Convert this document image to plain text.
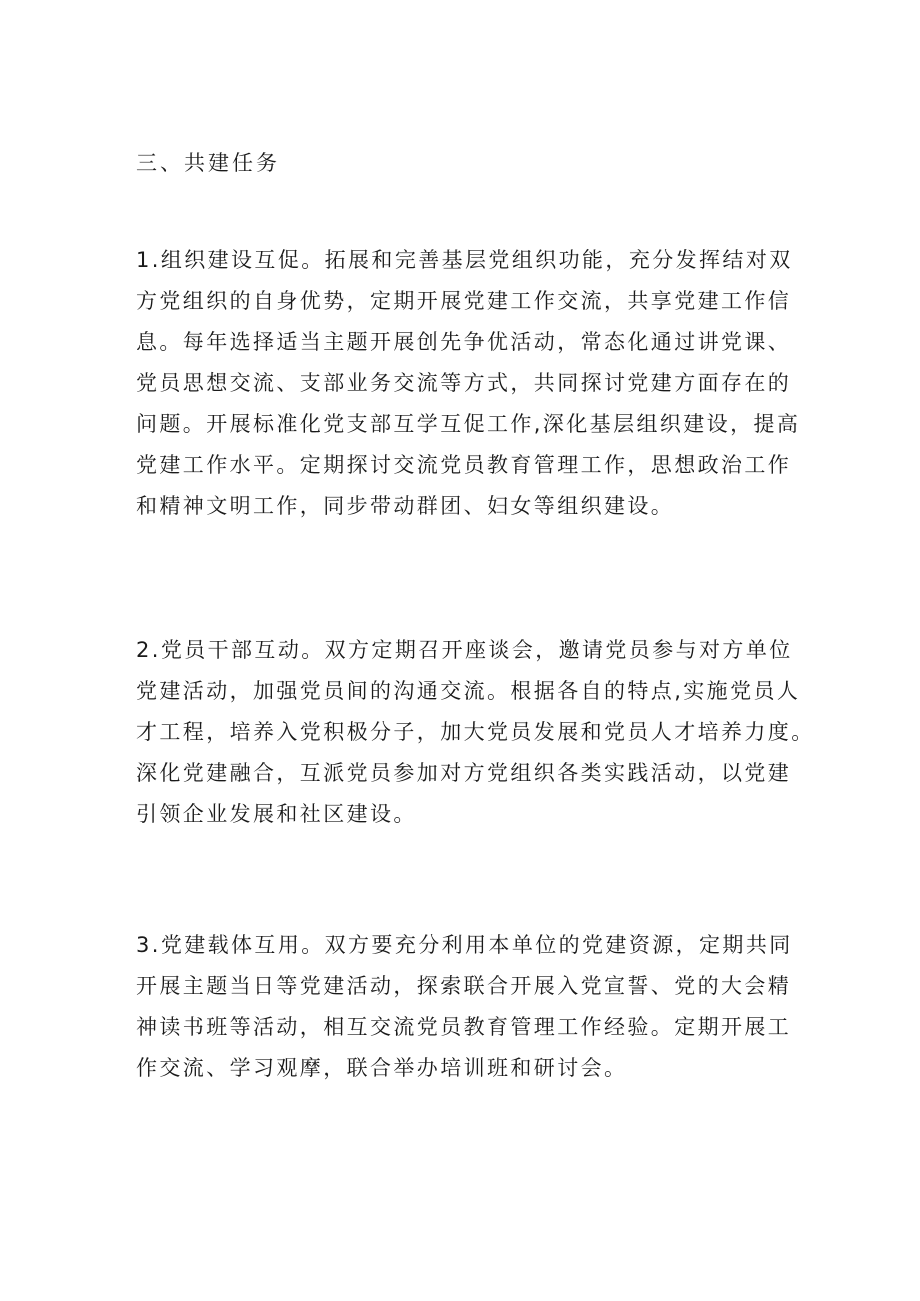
三、共建任务
1.组织建设互促。拓展和完善基层党组织功能，充分发挥结对双
方党组织的自身优势，定期开展党建工作交流，共享党建工作信
息。每年选择适当主题开展创先争优活动，常态化通过讲党课、
党员思想交流、支部业务交流等方式，共同探讨党建方面存在的
问题。开展标准化党支部互学互促工作,深化基层组织建设，提高
党建工作水平。定期探讨交流党员教育管理工作，思想政治工作
和精神文明工作，同步带动群团、妇女等组织建设。
2.党员干部互动。双方定期召开座谈会，邀请党员参与对方单位
党建活动，加强党员间的沟通交流。根据各自的特点,实施党员人
才工程，培养入党积极分子，加大党员发展和党员人才培养力度。
深化党建融合，互派党员参加对方党组织各类实践活动，以党建
引领企业发展和社区建设。
3.党建载体互用。双方要充分利用本单位的党建资源，定期共同
开展主题当日等党建活动，探索联合开展入党宣誓、党的大会精
神读书班等活动，相互交流党员教育管理工作经验。定期开展工
作交流、学习观摩，联合举办培训班和研讨会。
